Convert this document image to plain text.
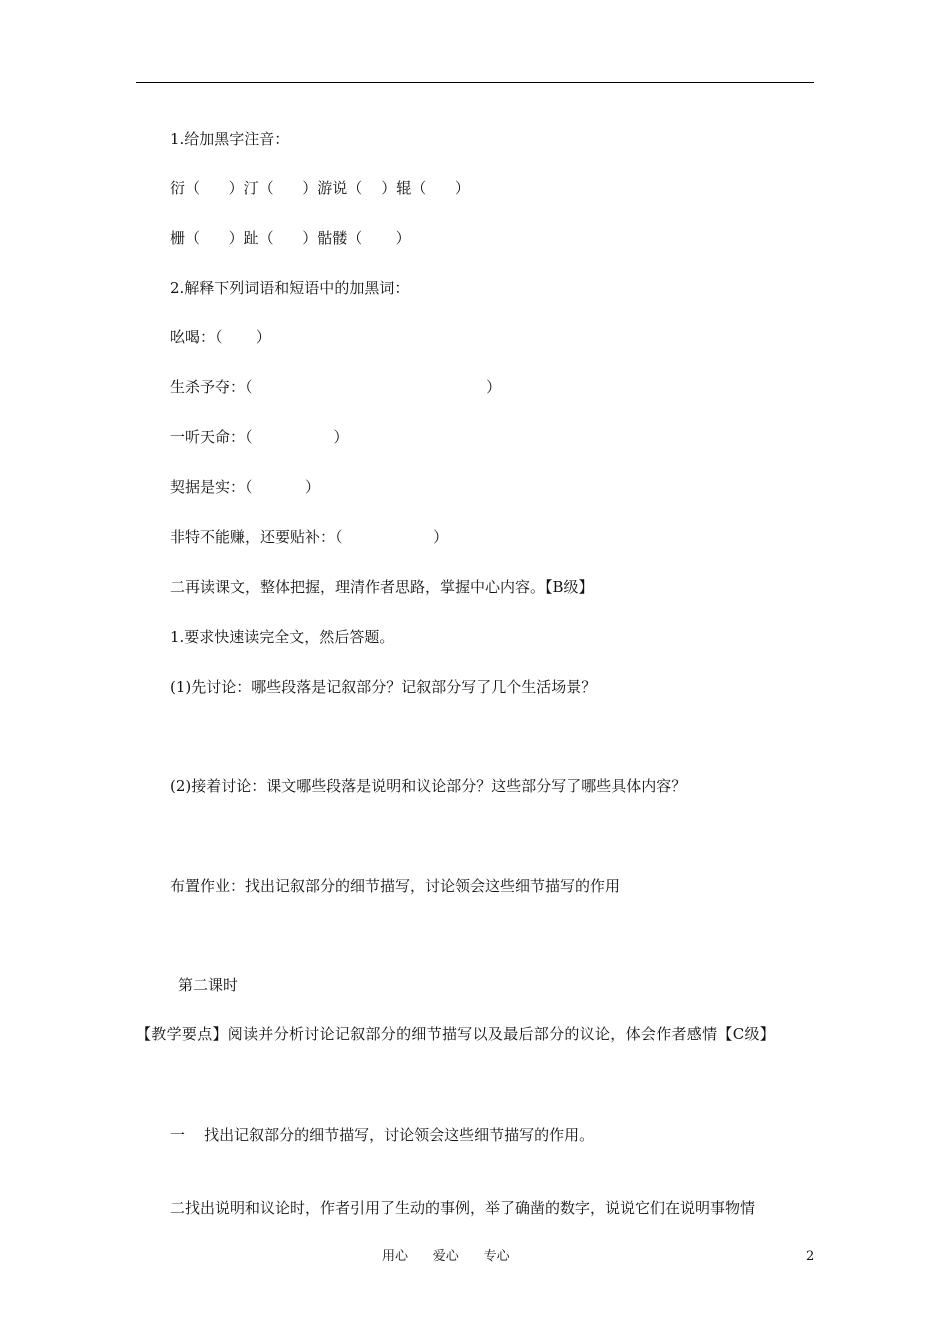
1.给加黑字注音：
衍（      ）汀（      ）游说（    ）辊（      ）
栅（      ）趾（      ）骷髅（       ）
2.解释下列词语和短语中的加黑词：
吆喝：（       ）
生杀予夺：（                                                 ）
一听天命：（                 ）
契据是实：（           ）
非特不能赚，还要贴补：（                   ）
二再读课文，整体把握，理清作者思路，掌握中心内容。【B级】
1.要求快速读完全文，然后答题。
(1)先讨论：哪些段落是记叙部分？记叙部分写了几个生活场景？
(2)接着讨论：课文哪些段落是说明和议论部分？这些部分写了哪些具体内容？
布置作业：找出记叙部分的细节描写，讨论领会这些细节描写的作用
第二课时
【教学要点】阅读并分析讨论记叙部分的细节描写以及最后部分的议论，体会作者感情【C级】
一    找出记叙部分的细节描写，讨论领会这些细节描写的作用。
二找出说明和议论时，作者引用了生动的事例，举了确凿的数字，说说它们在说明事物情
用心      爱心      专心	2
